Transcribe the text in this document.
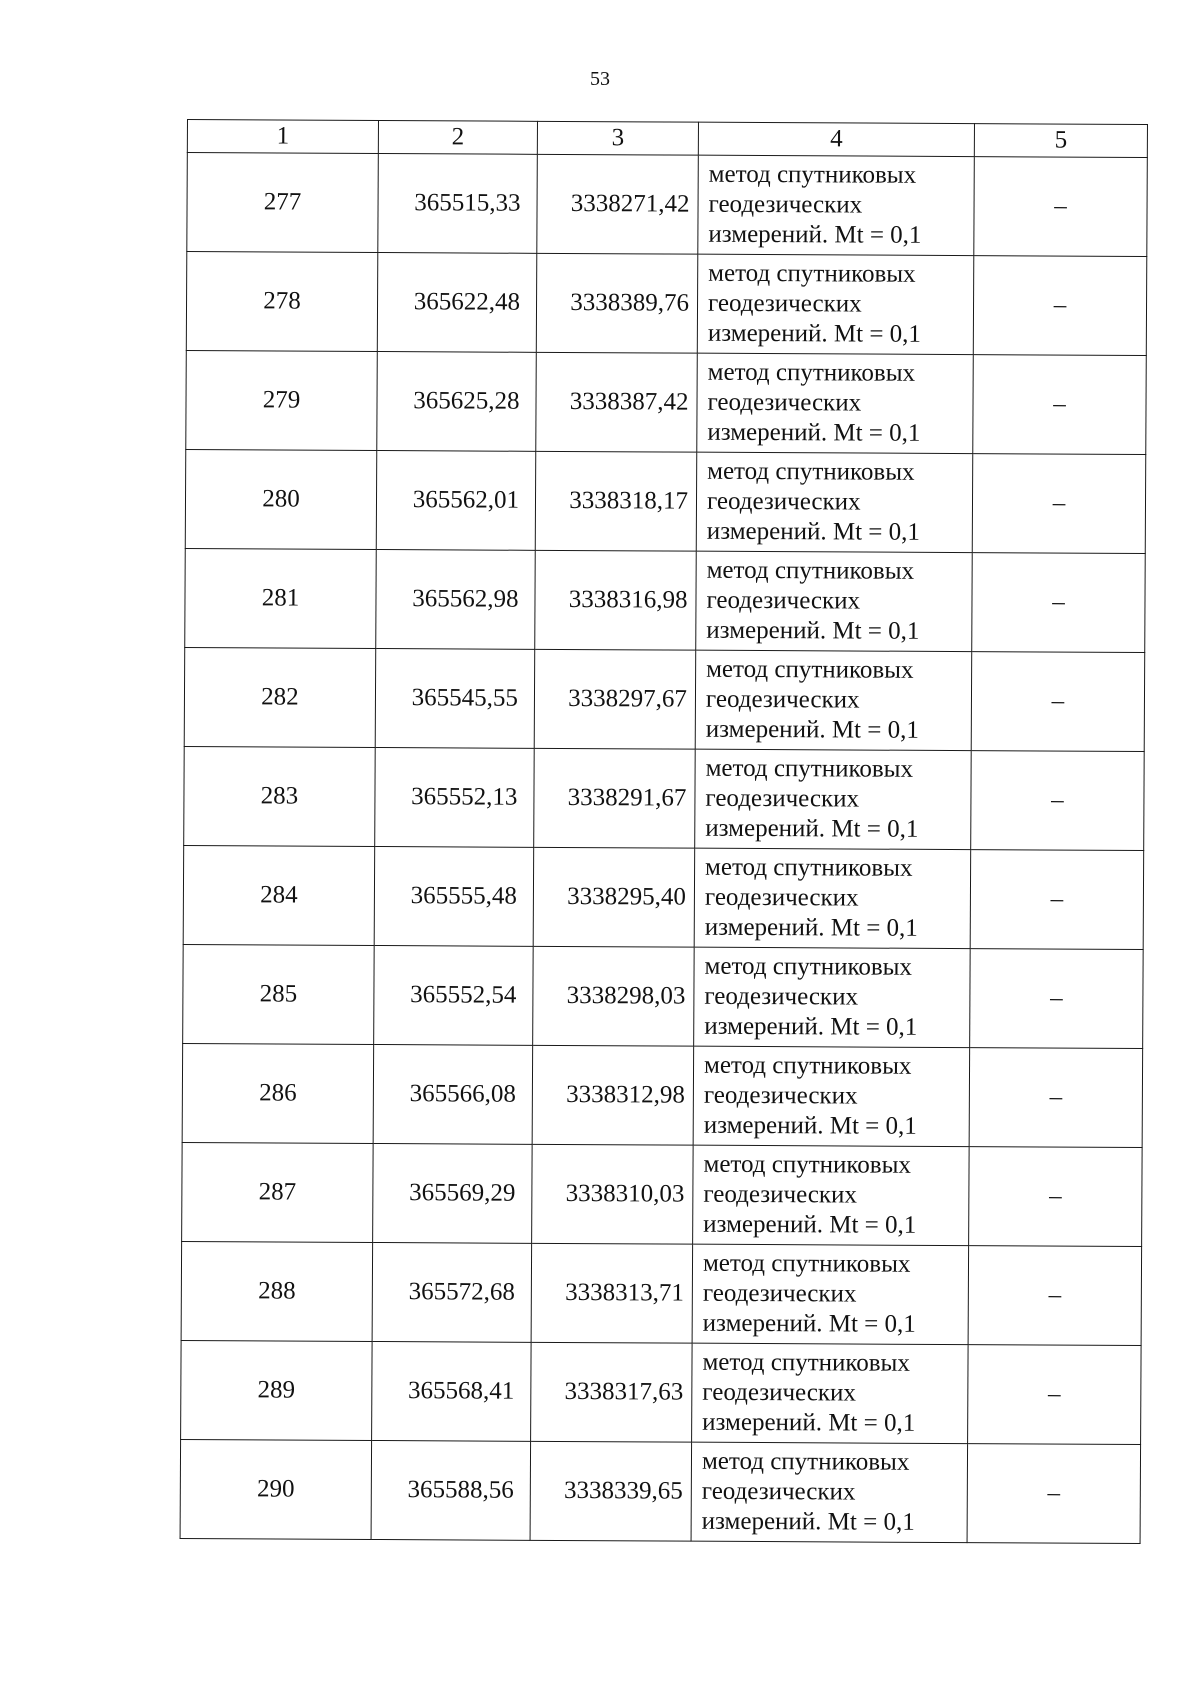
53
1	2	3	4	5
277	365515,33	3338271,42	метод спутниковых
геодезических
измерений. Mt = 0,1	–
278	365622,48	3338389,76	метод спутниковых
геодезических
измерений. Mt = 0,1	–
279	365625,28	3338387,42	метод спутниковых
геодезических
измерений. Mt = 0,1	–
280	365562,01	3338318,17	метод спутниковых
геодезических
измерений. Mt = 0,1	–
281	365562,98	3338316,98	метод спутниковых
геодезических
измерений. Mt = 0,1	–
282	365545,55	3338297,67	метод спутниковых
геодезических
измерений. Mt = 0,1	–
283	365552,13	3338291,67	метод спутниковых
геодезических
измерений. Mt = 0,1	–
284	365555,48	3338295,40	метод спутниковых
геодезических
измерений. Mt = 0,1	–
285	365552,54	3338298,03	метод спутниковых
геодезических
измерений. Mt = 0,1	–
286	365566,08	3338312,98	метод спутниковых
геодезических
измерений. Mt = 0,1	–
287	365569,29	3338310,03	метод спутниковых
геодезических
измерений. Mt = 0,1	–
288	365572,68	3338313,71	метод спутниковых
геодезических
измерений. Mt = 0,1	–
289	365568,41	3338317,63	метод спутниковых
геодезических
измерений. Mt = 0,1	–
290	365588,56	3338339,65	метод спутниковых
геодезических
измерений. Mt = 0,1	–
